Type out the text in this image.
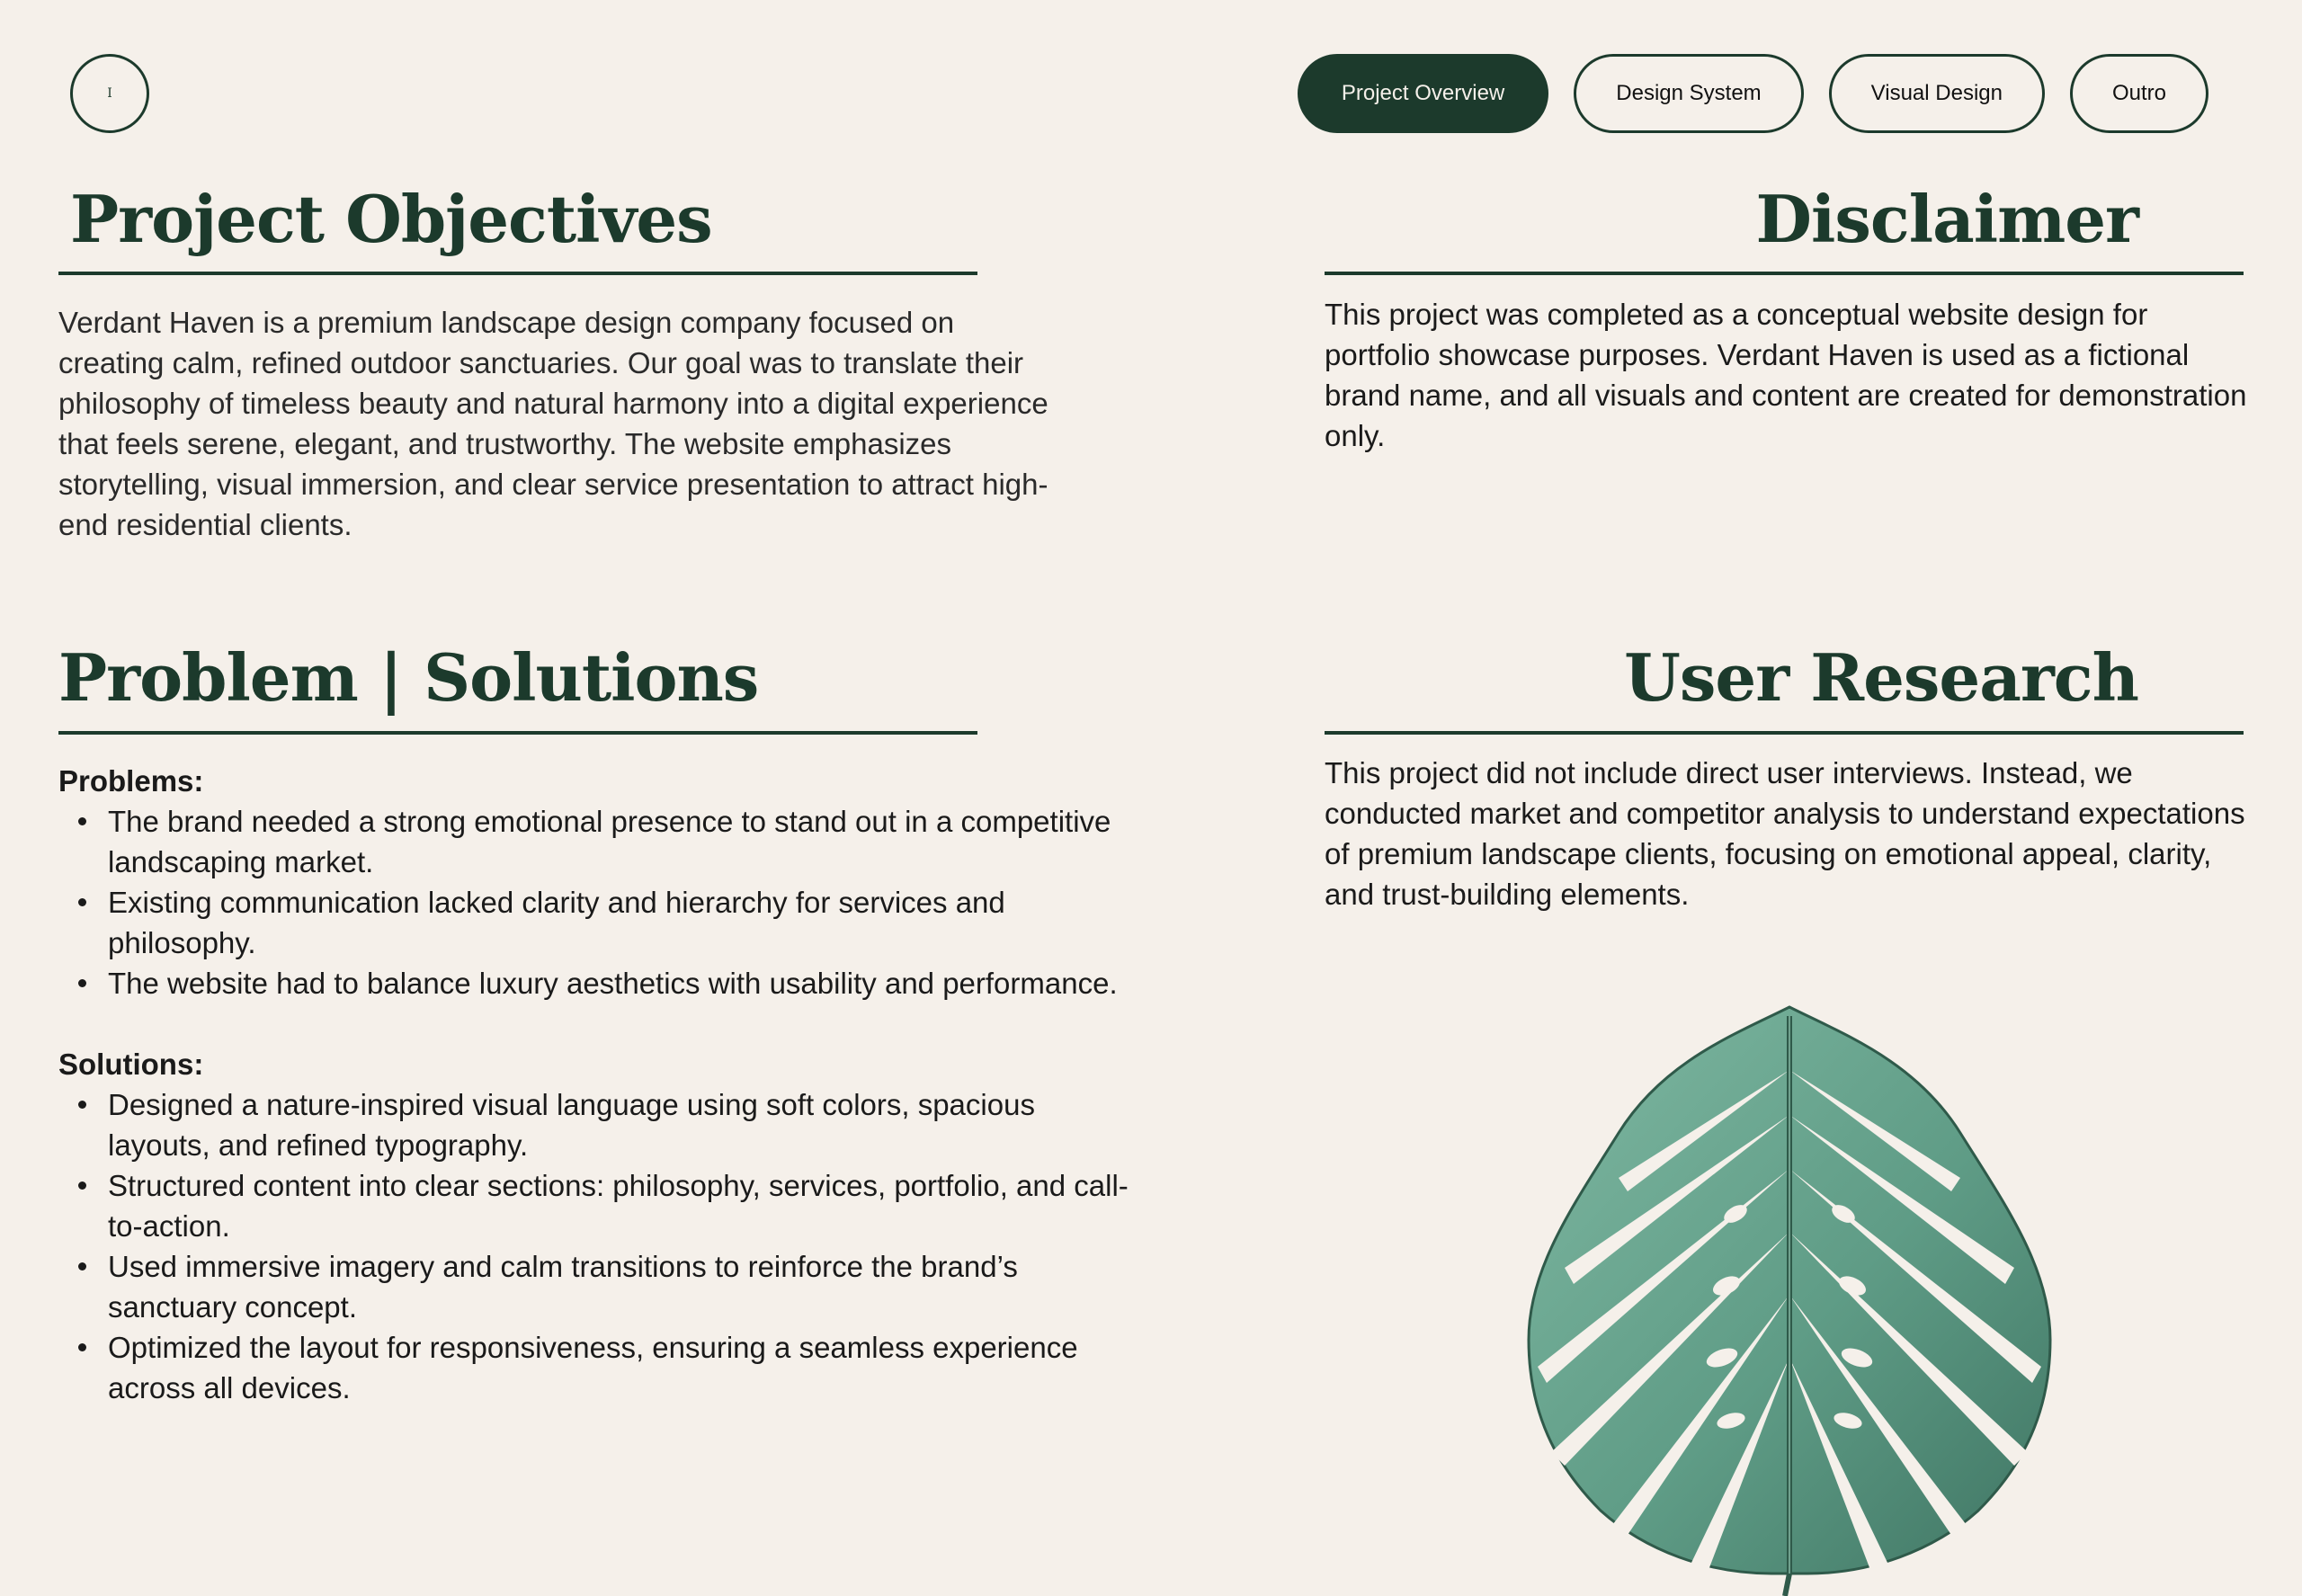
I	Project Overview	Design System	Visual Design	Outro
Project Objectives

Verdant Haven is a premium landscape design company focused on creating calm, refined outdoor sanctuaries. Our goal was to translate their philosophy of timeless beauty and natural harmony into a digital experience that feels serene, elegant, and trustworthy. The website emphasizes storytelling, visual immersion, and clear service presentation to attract high-end residential clients.

Disclaimer

This project was completed as a conceptual website design for portfolio showcase purposes. Verdant Haven is used as a fictional brand name, and all visuals and content are created for demonstration only.

Problem | Solutions
Problems:
The brand needed a strong emotional presence to stand out in a competitive landscaping market.
Existing communication lacked clarity and hierarchy for services and philosophy.
The website had to balance luxury aesthetics with usability and performance.
Solutions:
Designed a nature-inspired visual language using soft colors, spacious layouts, and refined typography.
Structured content into clear sections: philosophy, services, portfolio, and call-to-action.
Used immersive imagery and calm transitions to reinforce the brand’s sanctuary concept.
Optimized the layout for responsiveness, ensuring a seamless experience across all devices.
User Research

This project did not include direct user interviews. Instead, we conducted market and competitor analysis to understand expectations of premium landscape clients, focusing on emotional appeal, clarity, and trust-building elements.
